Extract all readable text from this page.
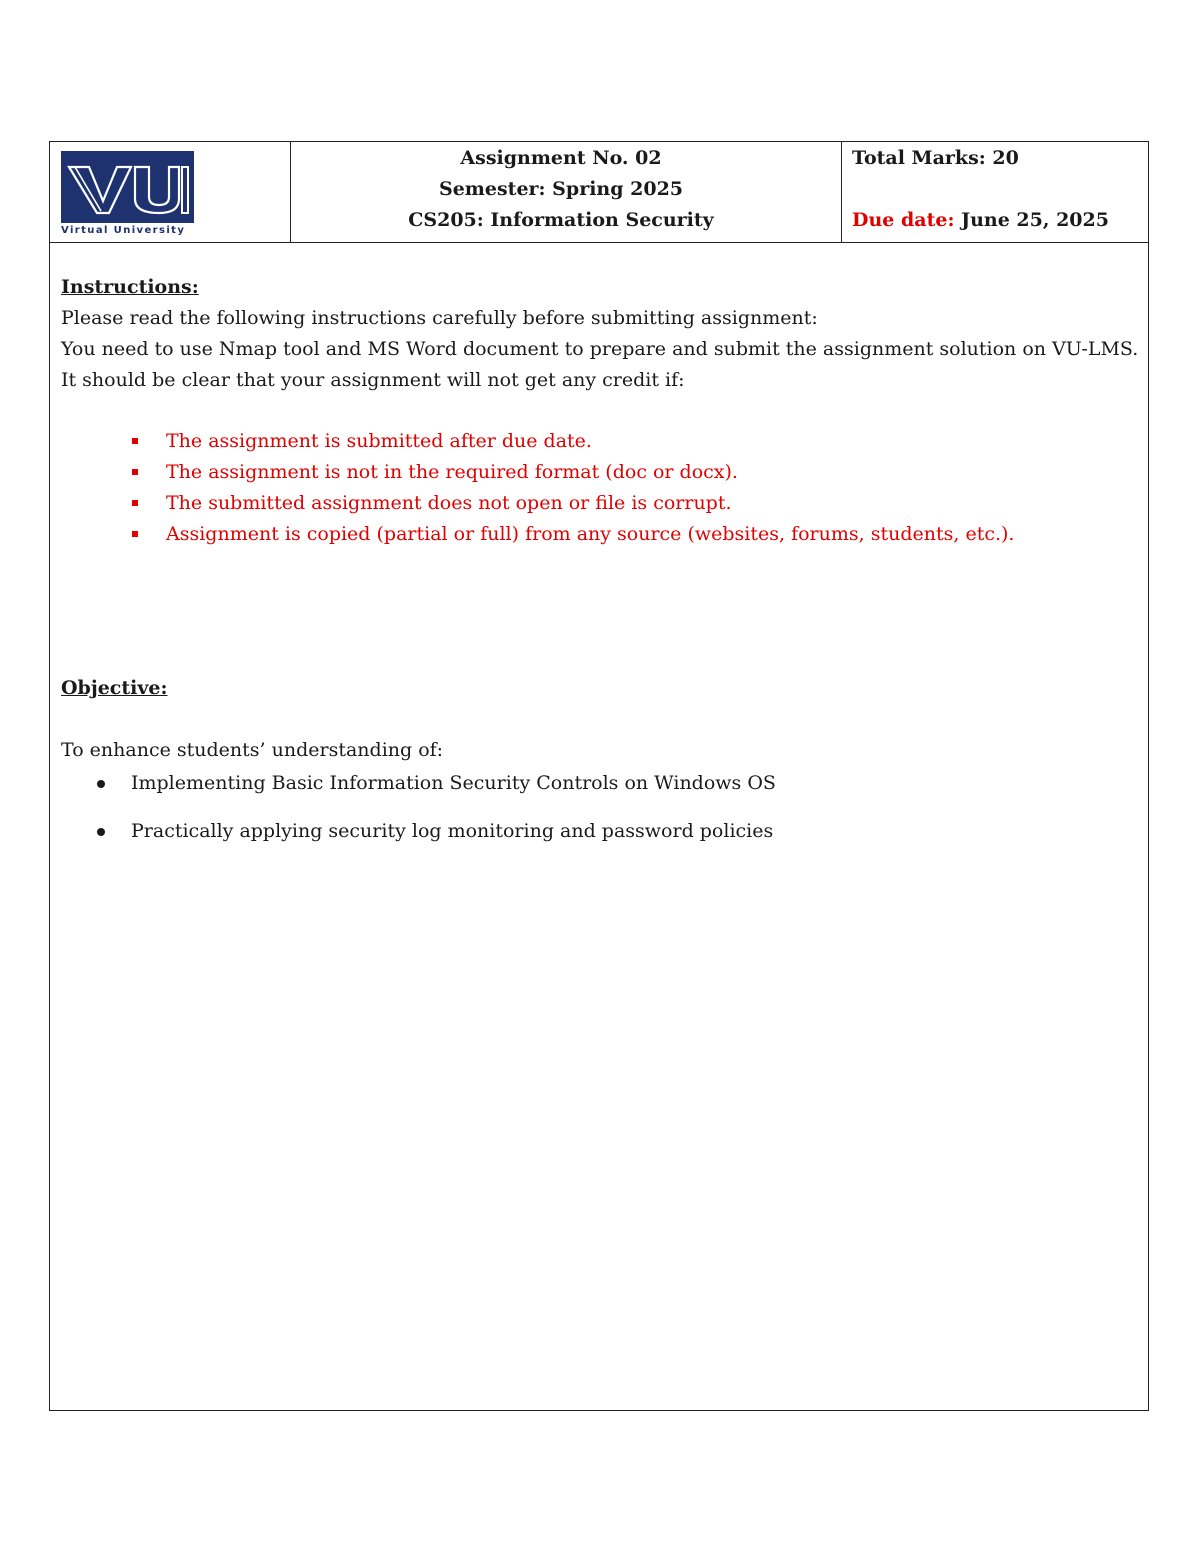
Virtual University
Assignment No. 02
Semester: Spring 2025
CS205: Information Security
Total Marks: 20
Due date: June 25, 2025

Instructions:

Please read the following instructions carefully before submitting assignment:

You need to use Nmap tool and MS Word document to prepare and submit the assignment solution on VU-LMS.

It should be clear that your assignment will not get any credit if:

The assignment is submitted after due date.
The assignment is not in the required format (doc or docx).
The submitted assignment does not open or file is corrupt.
Assignment is copied (partial or full) from any source (websites, forums, students, etc.).

Objective:

To enhance students’ understanding of:

Implementing Basic Information Security Controls on Windows OS
Practically applying security log monitoring and password policies
